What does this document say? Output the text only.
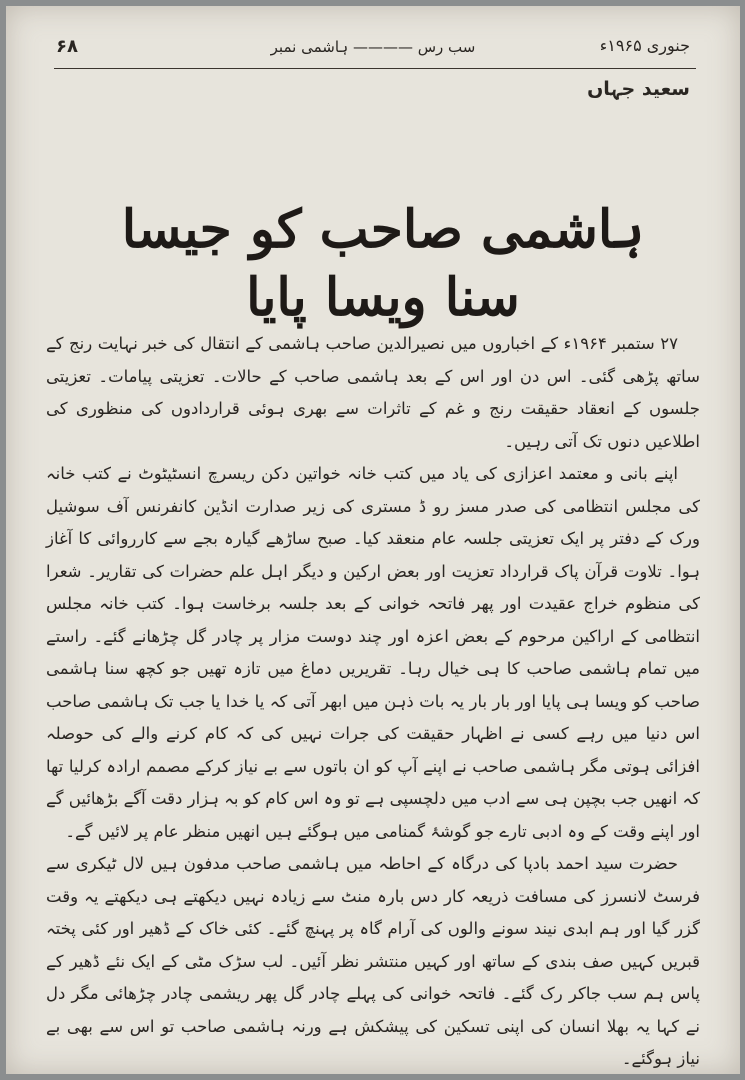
۶۸	سب رس ———— ہاشمی نمبر	جنوری ۱۹۶۵ء
سعید جہاں
ہاشمی صاحب کو جیسا سنا ویسا پایا

۲۷ ستمبر ۱۹۶۴ء کے اخباروں میں نصیرالدین صاحب ہاشمی کے انتقال کی خبر نہایت رنج کے ساتھ پڑھی گئی۔ اس دن اور اس کے بعد ہاشمی صاحب کے حالات۔ تعزیتی پیامات۔ تعزیتی جلسوں کے انعقاد حقیقت رنج و غم کے تاثرات سے بھری ہوئی قراردادوں کی منظوری کی اطلاعیں دنوں تک آتی رہیں۔

اپنے بانی و معتمد اعزازی کی یاد میں کتب خانہ خواتین دکن ریسرچ انسٹیٹوٹ نے کتب خانہ کی مجلس انتظامی کی صدر مسز رو ڈ مستری کی زیر صدارت انڈین کانفرنس آف سوشیل ورک کے دفتر پر ایک تعزیتی جلسہ عام منعقد کیا۔ صبح ساڑھے گیارہ بجے سے کارروائی کا آغاز ہوا۔ تلاوت قرآن پاک قرارداد تعزیت اور بعض ارکین و دیگر اہل علم حضرات کی تقاریر۔ شعرا کی منظوم خراج عقیدت اور پھر فاتحہ خوانی کے بعد جلسہ برخاست ہوا۔ کتب خانہ مجلس انتظامی کے اراکین مرحوم کے بعض اعزہ اور چند دوست مزار پر چادر گل چڑھانے گئے۔ راستے میں تمام ہاشمی صاحب کا ہی خیال رہا۔ تقریریں دماغ میں تازہ تھیں جو کچھ سنا ہاشمی صاحب کو ویسا ہی پایا اور بار بار یہ بات ذہن میں ابھر آتی کہ یا خدا یا جب تک ہاشمی صاحب اس دنیا میں رہے کسی نے اظہار حقیقت کی جرات نہیں کی کہ کام کرنے والے کی حوصلہ افزائی ہوتی مگر ہاشمی صاحب نے اپنے آپ کو ان باتوں سے بے نیاز کرکے مصمم ارادہ کرلیا تھا کہ انھیں جب بچپن ہی سے ادب میں دلچسپی ہے تو وہ اس کام کو بہ ہزار دقت آگے بڑھائیں گے اور اپنے وقت کے وہ ادبی تارے جو گوشۂ گمنامی میں ہوگئے ہیں انھیں منظر عام پر لائیں گے۔

حضرت سید احمد بادپا کی درگاہ کے احاطہ میں ہاشمی صاحب مدفون ہیں لال ٹیکری سے فرسٹ لانسرز کی مسافت ذریعہ کار دس بارہ منٹ سے زیادہ نہیں دیکھتے ہی دیکھتے یہ وقت گزر گیا اور ہم ابدی نیند سونے والوں کی آرام گاہ پر پہنچ گئے۔ کئی خاک کے ڈھیر اور کئی پختہ قبریں کہیں صف بندی کے ساتھ اور کہیں منتشر نظر آئیں۔ لب سڑک مٹی کے ایک نئے ڈھیر کے پاس ہم سب جاکر رک گئے۔ فاتحہ خوانی کی پہلے چادر گل پھر ریشمی چادر چڑھائی مگر دل نے کہا یہ بھلا انسان کی اپنی تسکین کی پیشکش ہے ورنہ ہاشمی صاحب تو اس سے بھی بے نیاز ہوگئے۔
